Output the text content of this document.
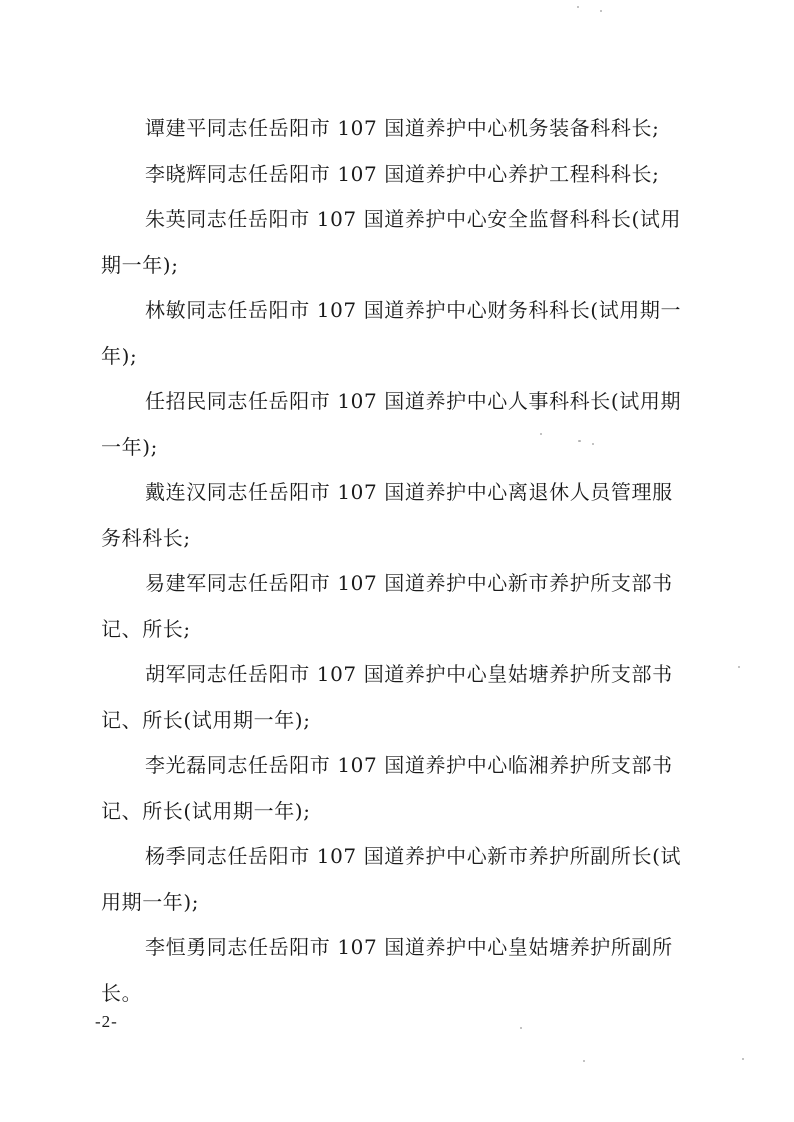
谭建平同志任岳阳市 107 国道养护中心机务装备科科长;
李晓辉同志任岳阳市 107 国道养护中心养护工程科科长;
朱英同志任岳阳市 107 国道养护中心安全监督科科长(试用
期一年);
林敏同志任岳阳市 107 国道养护中心财务科科长(试用期一
年);
任招民同志任岳阳市 107 国道养护中心人事科科长(试用期
一年);
戴连汉同志任岳阳市 107 国道养护中心离退休人员管理服
务科科长;
易建军同志任岳阳市 107 国道养护中心新市养护所支部书
记、所长;
胡军同志任岳阳市 107 国道养护中心皇姑塘养护所支部书
记、所长(试用期一年);
李光磊同志任岳阳市 107 国道养护中心临湘养护所支部书
记、所长(试用期一年);
杨季同志任岳阳市 107 国道养护中心新市养护所副所长(试
用期一年);
李恒勇同志任岳阳市 107 国道养护中心皇姑塘养护所副所
长。
-2-
